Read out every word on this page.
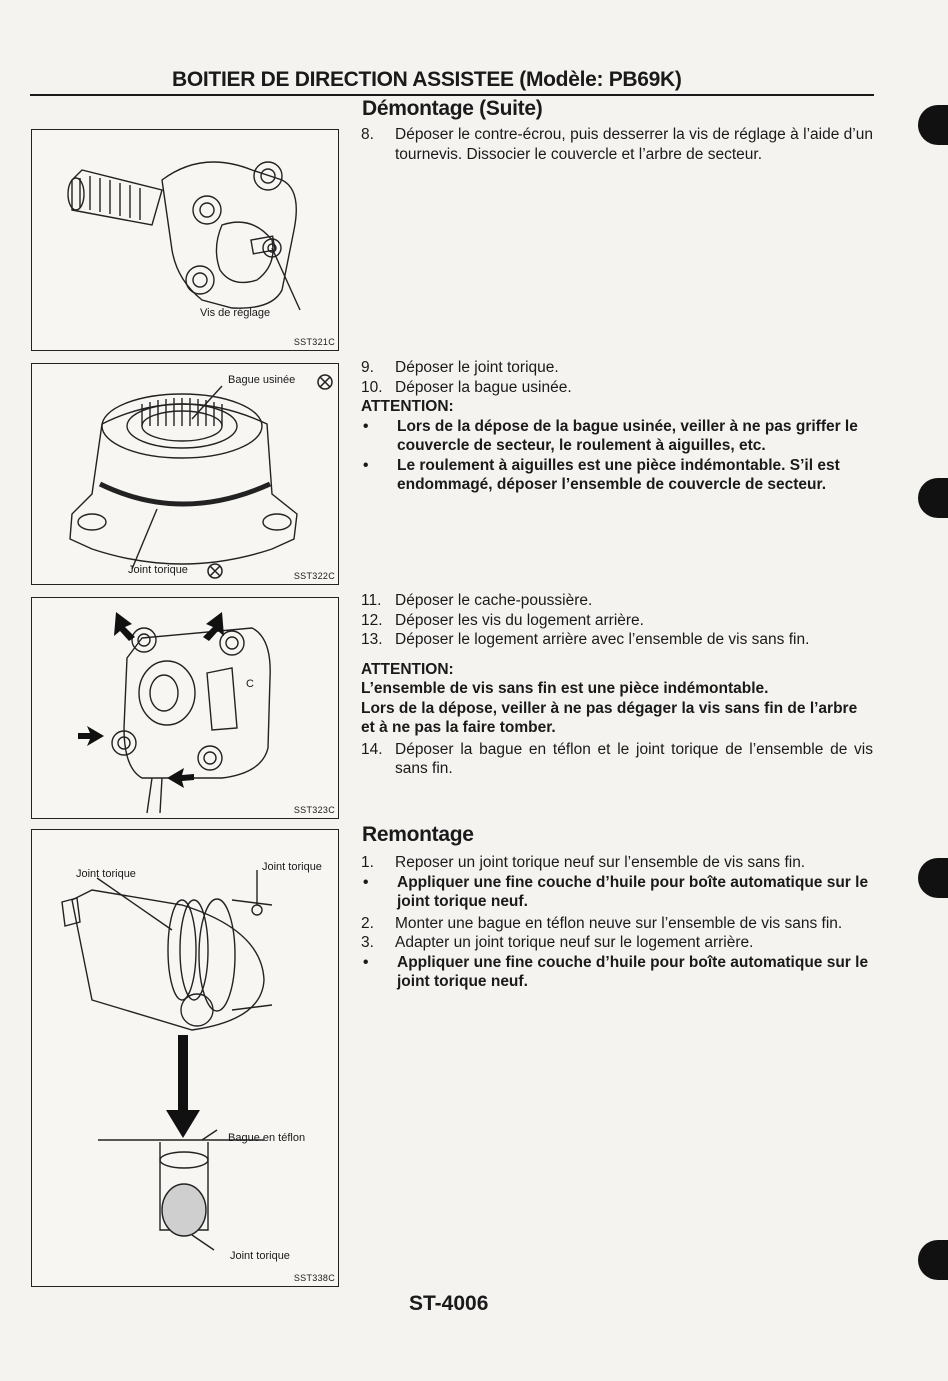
BOITIER DE DIRECTION ASSISTEE (Modèle: PB69K)
Démontage (Suite)
Remontage
Vis de réglage
SST321C
Bague usinée
Joint torique	SST322C
C
SST323C
Joint torique
Joint torique
Bague en téflon
Joint torique
SST338C
8.	Déposer le contre-écrou, puis desserrer la vis de réglage à l’aide d’un tournevis. Dissocier le couvercle et l’arbre de secteur.
9.	Déposer le joint torique.
10. Déposer la bague usinée.
ATTENTION:
•	Lors de la dépose de la bague usinée, veiller à ne pas griffer le couvercle de secteur, le roulement à aiguilles, etc.
•	Le roulement à aiguilles est une pièce indémontable. S’il est endommagé, déposer l’ensemble de couvercle de secteur.
11. Déposer le cache-poussière.
12. Déposer les vis du logement arrière.
13. Déposer le logement arrière avec l’ensemble de vis sans fin.
ATTENTION:
L’ensemble de vis sans fin est une pièce indémontable.
Lors de la dépose, veiller à ne pas dégager la vis sans fin de l’arbre et à ne pas la faire tomber.
14. Déposer la bague en téflon et le joint torique de l’ensemble de vis sans fin.
1.	Reposer un joint torique neuf sur l’ensemble de vis sans fin.
•	Appliquer une fine couche d’huile pour boîte automatique sur le joint torique neuf.
2.	Monter une bague en téflon neuve sur l’ensemble de vis sans fin.
3.	Adapter un joint torique neuf sur le logement arrière.
•	Appliquer une fine couche d’huile pour boîte automatique sur le joint torique neuf.
ST-4006
